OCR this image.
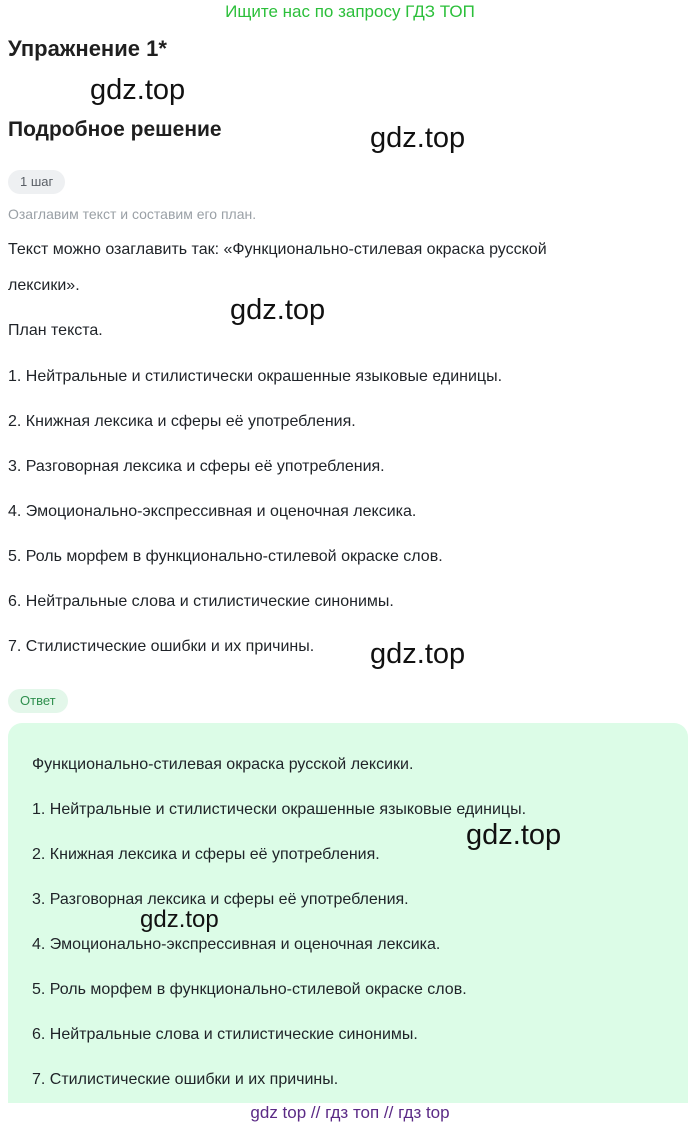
Ищите нас по запросу ГДЗ ТОП
Упражнение 1*
gdz.top
Подробное решение	gdz.top
1 шаг
Озаглавим текст и составим его план.
Текст можно озаглавить так: «Функционально-стилевая окраска русской
лексики».
gdz.top
План текста.
1. Нейтральные и стилистически окрашенные языковые единицы.
2. Книжная лексика и сферы её употребления.
3. Разговорная лексика и сферы её употребления.
4. Эмоционально-экспрессивная и оценочная лексика.
5. Роль морфем в функционально-стилевой окраске слов.
6. Нейтральные слова и стилистические синонимы.
7. Стилистические ошибки и их причины. gdz.top
Ответ
Функционально-стилевая окраска русской лексики.
1. Нейтральные и стилистически окрашенные языковые единицы.
2. Книжная лексика и сферы её употребления.
3. Разговорная лексика и сферы её употребления.
4. Эмоционально-экспрессивная и оценочная лексика.
5. Роль морфем в функционально-стилевой окраске слов.
6. Нейтральные слова и стилистические синонимы.
7. Стилистические ошибки и их причины.
gdz.top
gdz.top
gdz top // гдз топ // гдз top
